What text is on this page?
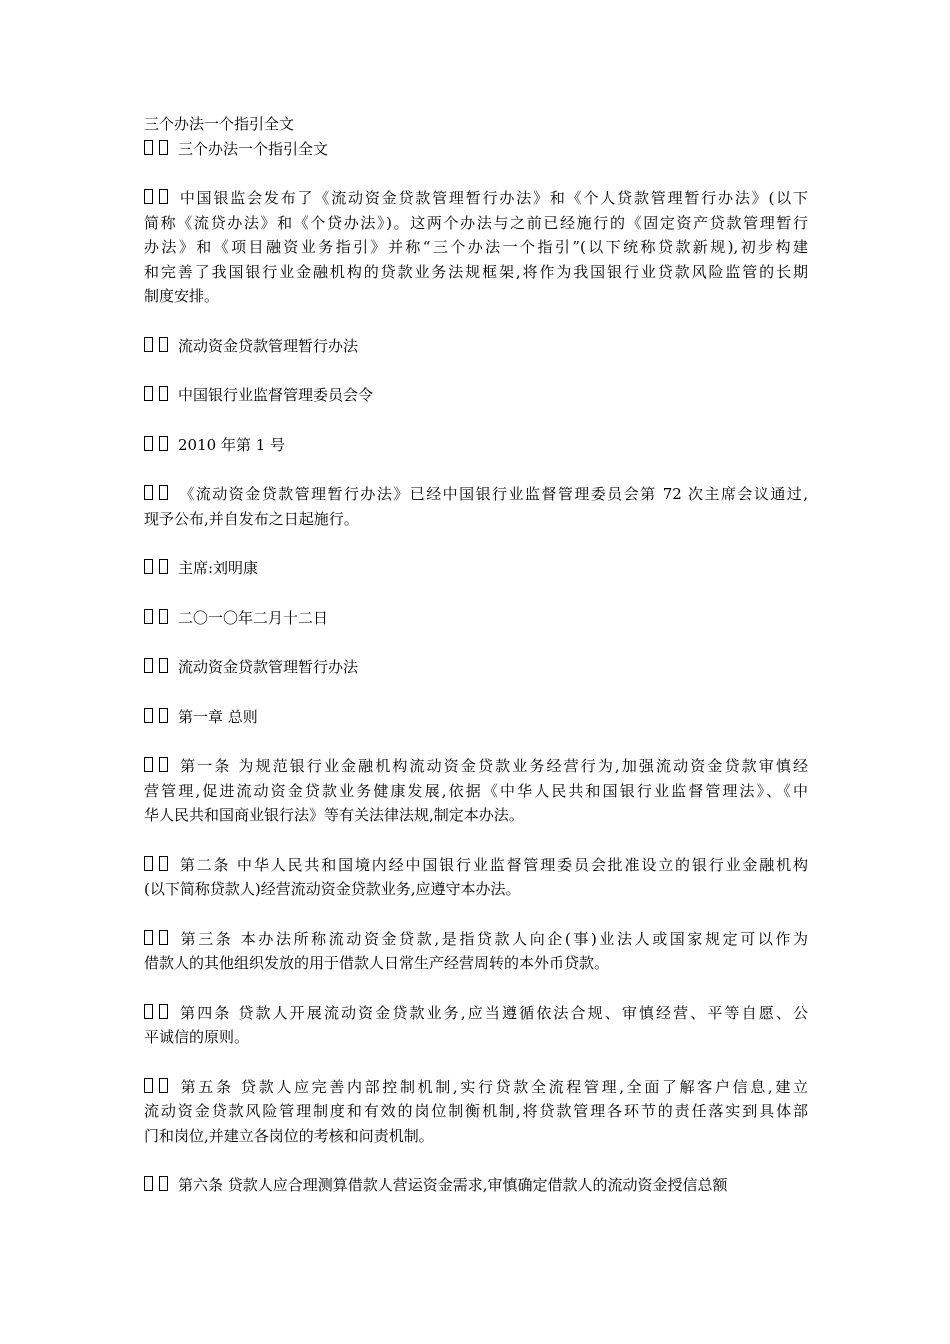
三个办法一个指引全文
三个办法一个指引全文
中国银监会发布了《流动资金贷款管理暂行办法》和《个人贷款管理暂行办法》(以下
简称《流贷办法》和《个贷办法》)。这两个办法与之前已经施行的《固定资产贷款管理暂行
办法》和《项目融资业务指引》并称“三个办法一个指引”(以下统称贷款新规),初步构建
和完善了我国银行业金融机构的贷款业务法规框架,将作为我国银行业贷款风险监管的长期
制度安排。
流动资金贷款管理暂行办法
中国银行业监督管理委员会令
2010 年第 1 号
《流动资金贷款管理暂行办法》已经中国银行业监督管理委员会第 72 次主席会议通过,
现予公布,并自发布之日起施行。
主席:刘明康
二〇一〇年二月十二日
流动资金贷款管理暂行办法
第一章 总则
第一条 为规范银行业金融机构流动资金贷款业务经营行为,加强流动资金贷款审慎经
营管理,促进流动资金贷款业务健康发展,依据《中华人民共和国银行业监督管理法》、《中
华人民共和国商业银行法》等有关法律法规,制定本办法。
第二条 中华人民共和国境内经中国银行业监督管理委员会批准设立的银行业金融机构
(以下简称贷款人)经营流动资金贷款业务,应遵守本办法。
第三条 本办法所称流动资金贷款,是指贷款人向企(事)业法人或国家规定可以作为
借款人的其他组织发放的用于借款人日常生产经营周转的本外币贷款。
第四条 贷款人开展流动资金贷款业务,应当遵循依法合规、审慎经营、平等自愿、公
平诚信的原则。
第五条 贷款人应完善内部控制机制,实行贷款全流程管理,全面了解客户信息,建立
流动资金贷款风险管理制度和有效的岗位制衡机制,将贷款管理各环节的责任落实到具体部
门和岗位,并建立各岗位的考核和问责机制。
第六条 贷款人应合理测算借款人营运资金需求,审慎确定借款人的流动资金授信总额
